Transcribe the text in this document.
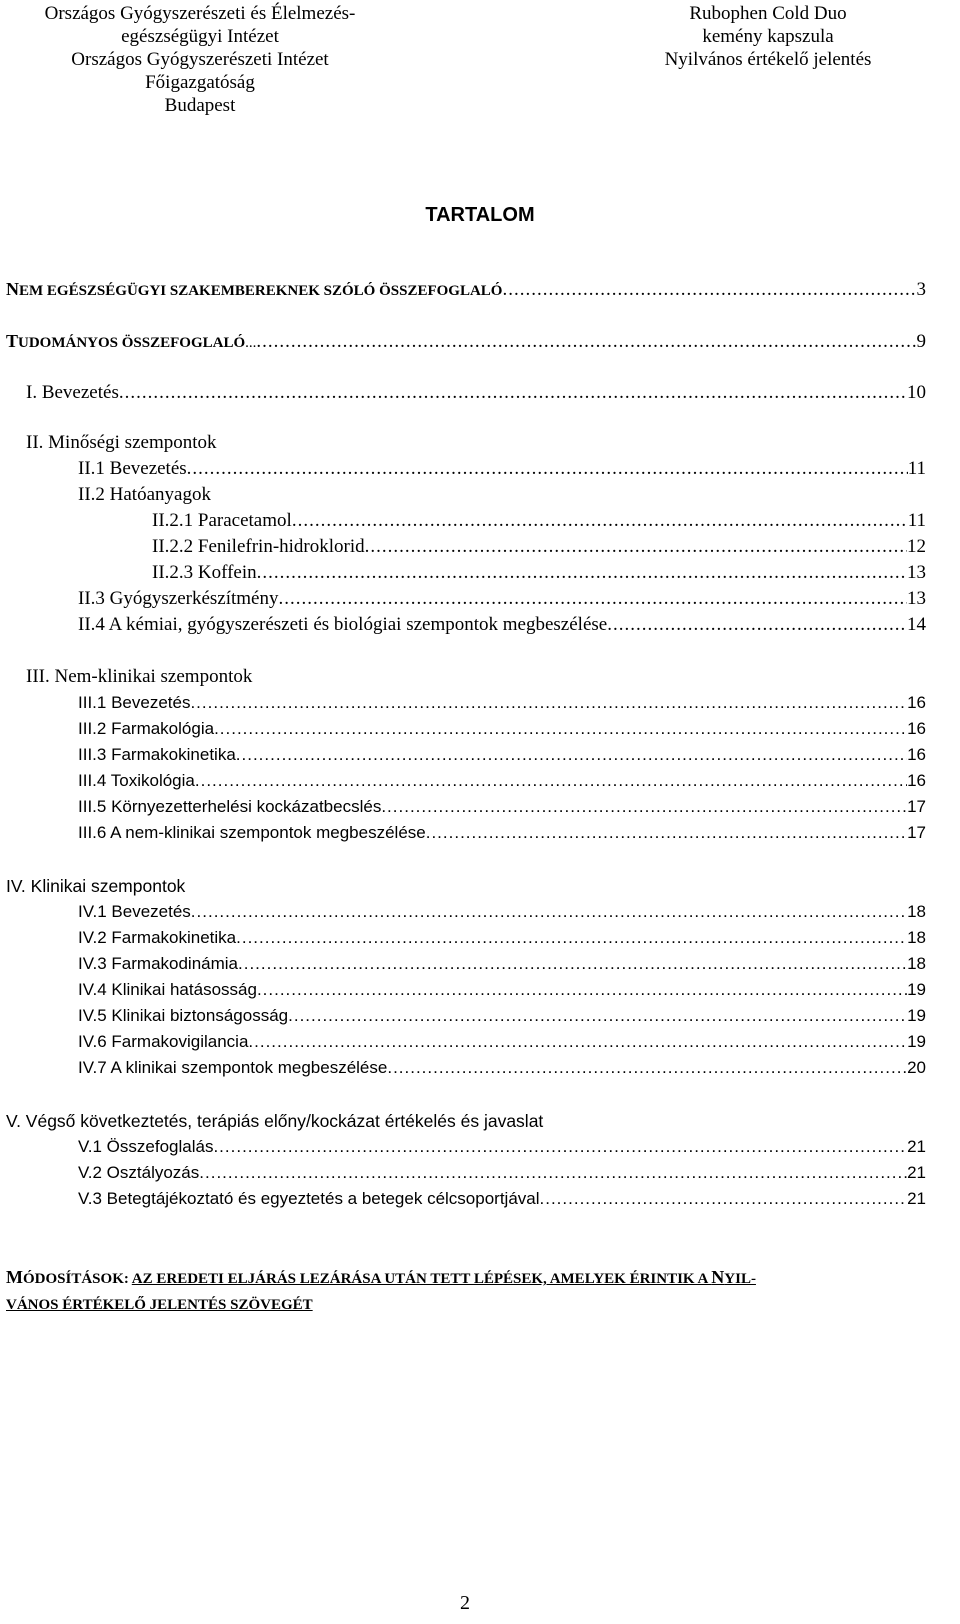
Országos Gyógyszerészeti és Élelmezés-
egészségügyi Intézet
Országos Gyógyszerészeti Intézet
Főigazgatóság
Budapest
Rubophen Cold Duo
kemény kapszula
Nyilvános értékelő jelentés
TARTALOM
NEM EGÉSZSÉGÜGYI SZAKEMBEREKNEK SZÓLÓ ÖSSZEFOGLALÓ .....	3
TUDOMÁNYOS ÖSSZEFOGLALÓ... .....	9
I. Bevezetés .....	10
II. Minőségi szempontok
II.1 Bevezetés .....	11
II.2 Hatóanyagok
II.2.1 Paracetamol .....	11
II.2.2 Fenilefrin-hidroklorid .....	12
II.2.3 Koffein .....	13
II.3 Gyógyszerkészítmény .....	13
II.4 A kémiai, gyógyszerészeti és biológiai szempontok megbeszélése .....	14
III. Nem-klinikai szempontok
III.1 Bevezetés .....	16
III.2 Farmakológia .....	16
III.3 Farmakokinetika .....	16
III.4 Toxikológia .....	16
III.5 Környezetterhelési kockázatbecslés .....	17
III.6 A nem-klinikai szempontok megbeszélése .....	17
IV. Klinikai szempontok
IV.1 Bevezetés .....	18
IV.2 Farmakokinetika .....	18
IV.3 Farmakodinámia .....	18
IV.4 Klinikai hatásosság .....	19
IV.5 Klinikai biztonságosság .....	19
IV.6 Farmakovigilancia .....	19
IV.7 A klinikai szempontok megbeszélése .....	20
V. Végső következtetés, terápiás előny/kockázat értékelés és javaslat
V.1 Összefoglalás .....	21
V.2 Osztályozás .....	21
V.3 Betegtájékoztató és egyeztetés a betegek célcsoportjával .....	21
MÓDOSÍTÁSOK: AZ EREDETI ELJÁRÁS LEZÁRÁSA UTÁN TETT LÉPÉSEK, AMELYEK ÉRINTIK A NYIL-
VÁNOS ÉRTÉKELŐ JELENTÉS SZÖVEGÉT
2
